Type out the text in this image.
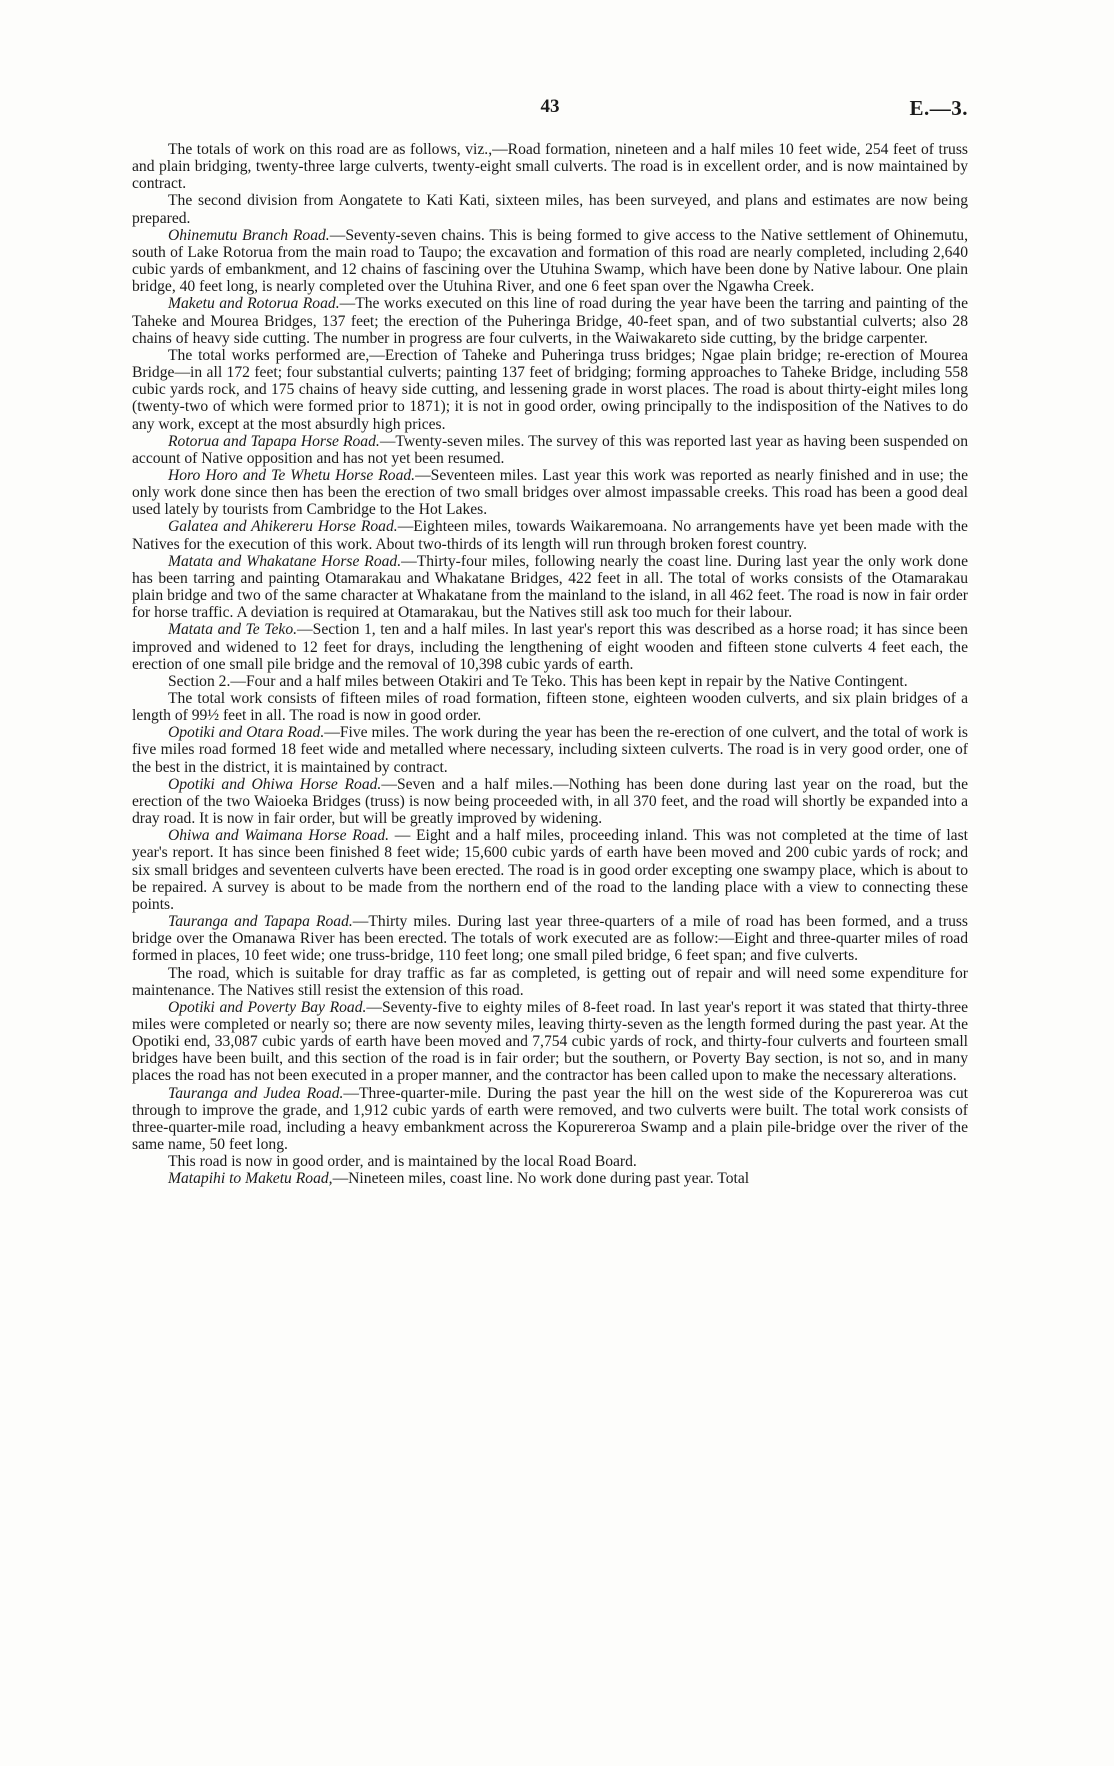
43	E.—3.

The totals of work on this road are as follows, viz.,—Road formation, nineteen and a half miles 10 feet wide, 254 feet of truss and plain bridging, twenty-three large culverts, twenty-eight small culverts. The road is in excellent order, and is now maintained by contract.

The second division from Aongatete to Kati Kati, sixteen miles, has been surveyed, and plans and estimates are now being prepared.

Ohinemutu Branch Road.—Seventy-seven chains. This is being formed to give access to the Native settlement of Ohinemutu, south of Lake Rotorua from the main road to Taupo; the excavation and formation of this road are nearly completed, including 2,640 cubic yards of embankment, and 12 chains of fascining over the Utuhina Swamp, which have been done by Native labour. One plain bridge, 40 feet long, is nearly completed over the Utuhina River, and one 6 feet span over the Ngawha Creek.

Maketu and Rotorua Road.—The works executed on this line of road during the year have been the tarring and painting of the Taheke and Mourea Bridges, 137 feet; the erection of the Puheringa Bridge, 40-feet span, and of two substantial culverts; also 28 chains of heavy side cutting. The number in progress are four culverts, in the Waiwakareto side cutting, by the bridge carpenter.

The total works performed are,—Erection of Taheke and Puheringa truss bridges; Ngae plain bridge; re-erection of Mourea Bridge—in all 172 feet; four substantial culverts; painting 137 feet of bridging; forming approaches to Taheke Bridge, including 558 cubic yards rock, and 175 chains of heavy side cutting, and lessening grade in worst places. The road is about thirty-eight miles long (twenty-two of which were formed prior to 1871); it is not in good order, owing principally to the indisposition of the Natives to do any work, except at the most absurdly high prices.

Rotorua and Tapapa Horse Road.—Twenty-seven miles. The survey of this was reported last year as having been suspended on account of Native opposition and has not yet been resumed.

Horo Horo and Te Whetu Horse Road.—Seventeen miles. Last year this work was reported as nearly finished and in use; the only work done since then has been the erection of two small bridges over almost impassable creeks. This road has been a good deal used lately by tourists from Cambridge to the Hot Lakes.

Galatea and Ahikereru Horse Road.—Eighteen miles, towards Waikaremoana. No arrangements have yet been made with the Natives for the execution of this work. About two-thirds of its length will run through broken forest country.

Matata and Whakatane Horse Road.—Thirty-four miles, following nearly the coast line. During last year the only work done has been tarring and painting Otamarakau and Whakatane Bridges, 422 feet in all. The total of works consists of the Otamarakau plain bridge and two of the same character at Whakatane from the mainland to the island, in all 462 feet. The road is now in fair order for horse traffic. A deviation is required at Otamarakau, but the Natives still ask too much for their labour.

Matata and Te Teko.—Section 1, ten and a half miles. In last year's report this was described as a horse road; it has since been improved and widened to 12 feet for drays, including the lengthening of eight wooden and fifteen stone culverts 4 feet each, the erection of one small pile bridge and the removal of 10,398 cubic yards of earth.

Section 2.—Four and a half miles between Otakiri and Te Teko. This has been kept in repair by the Native Contingent.

The total work consists of fifteen miles of road formation, fifteen stone, eighteen wooden culverts, and six plain bridges of a length of 99½ feet in all. The road is now in good order.

Opotiki and Otara Road.—Five miles. The work during the year has been the re-erection of one culvert, and the total of work is five miles road formed 18 feet wide and metalled where necessary, including sixteen culverts. The road is in very good order, one of the best in the district, it is maintained by contract.

Opotiki and Ohiwa Horse Road.—Seven and a half miles.—Nothing has been done during last year on the road, but the erection of the two Waioeka Bridges (truss) is now being proceeded with, in all 370 feet, and the road will shortly be expanded into a dray road. It is now in fair order, but will be greatly improved by widening.

Ohiwa and Waimana Horse Road. — Eight and a half miles, proceeding inland. This was not completed at the time of last year's report. It has since been finished 8 feet wide; 15,600 cubic yards of earth have been moved and 200 cubic yards of rock; and six small bridges and seventeen culverts have been erected. The road is in good order excepting one swampy place, which is about to be repaired. A survey is about to be made from the northern end of the road to the landing place with a view to connecting these points.

Tauranga and Tapapa Road.—Thirty miles. During last year three-quarters of a mile of road has been formed, and a truss bridge over the Omanawa River has been erected. The totals of work executed are as follow:—Eight and three-quarter miles of road formed in places, 10 feet wide; one truss-bridge, 110 feet long; one small piled bridge, 6 feet span; and five culverts.

The road, which is suitable for dray traffic as far as completed, is getting out of repair and will need some expenditure for maintenance. The Natives still resist the extension of this road.

Opotiki and Poverty Bay Road.—Seventy-five to eighty miles of 8-feet road. In last year's report it was stated that thirty-three miles were completed or nearly so; there are now seventy miles, leaving thirty-seven as the length formed during the past year. At the Opotiki end, 33,087 cubic yards of earth have been moved and 7,754 cubic yards of rock, and thirty-four culverts and fourteen small bridges have been built, and this section of the road is in fair order; but the southern, or Poverty Bay section, is not so, and in many places the road has not been executed in a proper manner, and the contractor has been called upon to make the necessary alterations.

Tauranga and Judea Road.—Three-quarter-mile. During the past year the hill on the west side of the Kopurereroa was cut through to improve the grade, and 1,912 cubic yards of earth were removed, and two culverts were built. The total work consists of three-quarter-mile road, including a heavy embankment across the Kopurereroa Swamp and a plain pile-bridge over the river of the same name, 50 feet long.

This road is now in good order, and is maintained by the local Road Board.

Matapihi to Maketu Road,—Nineteen miles, coast line. No work done during past year. Total
